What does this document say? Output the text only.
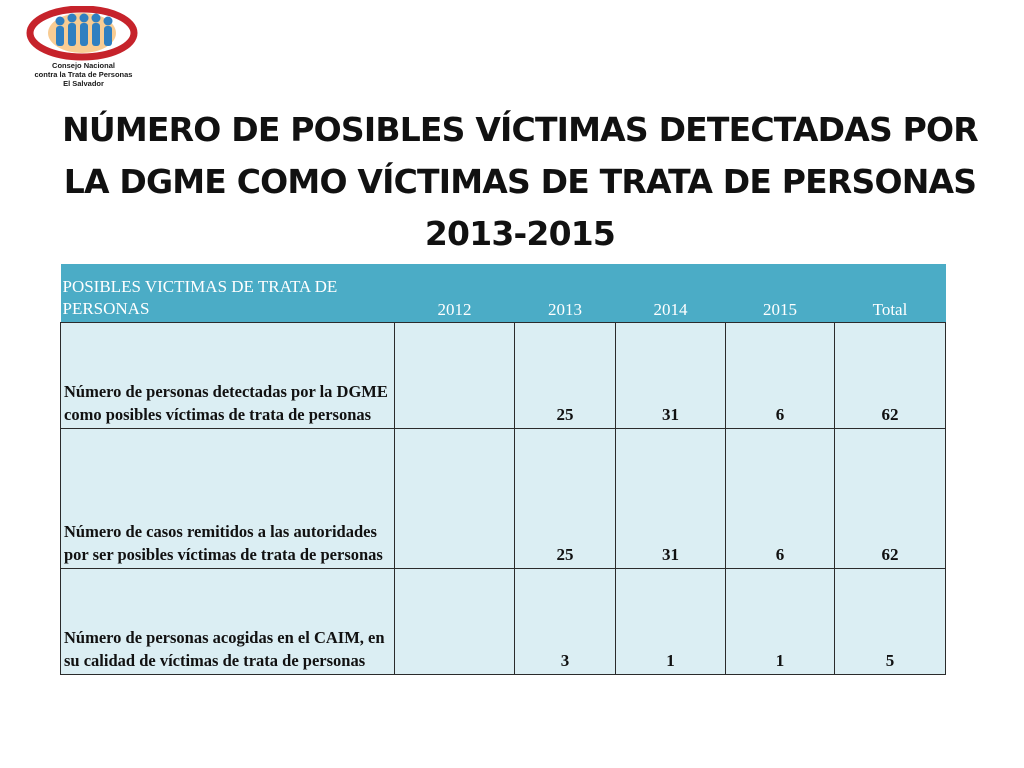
Consejo Nacional
contra la Trata de Personas
El Salvador
NÚMERO DE POSIBLES VÍCTIMAS DETECTADAS POR LA DGME COMO VÍCTIMAS DE TRATA DE PERSONAS 2013-2015
POSIBLES VICTIMAS DE TRATA DE PERSONAS	2012	2013	2014	2015	Total
Número de personas detectadas por la DGME como posibles víctimas de trata de personas		25	31	6	62
Número de casos remitidos a las autoridades por ser posibles víctimas de trata de personas		25	31	6	62
Número de personas acogidas en el CAIM, en su calidad de víctimas de trata de personas		3	1	1	5
